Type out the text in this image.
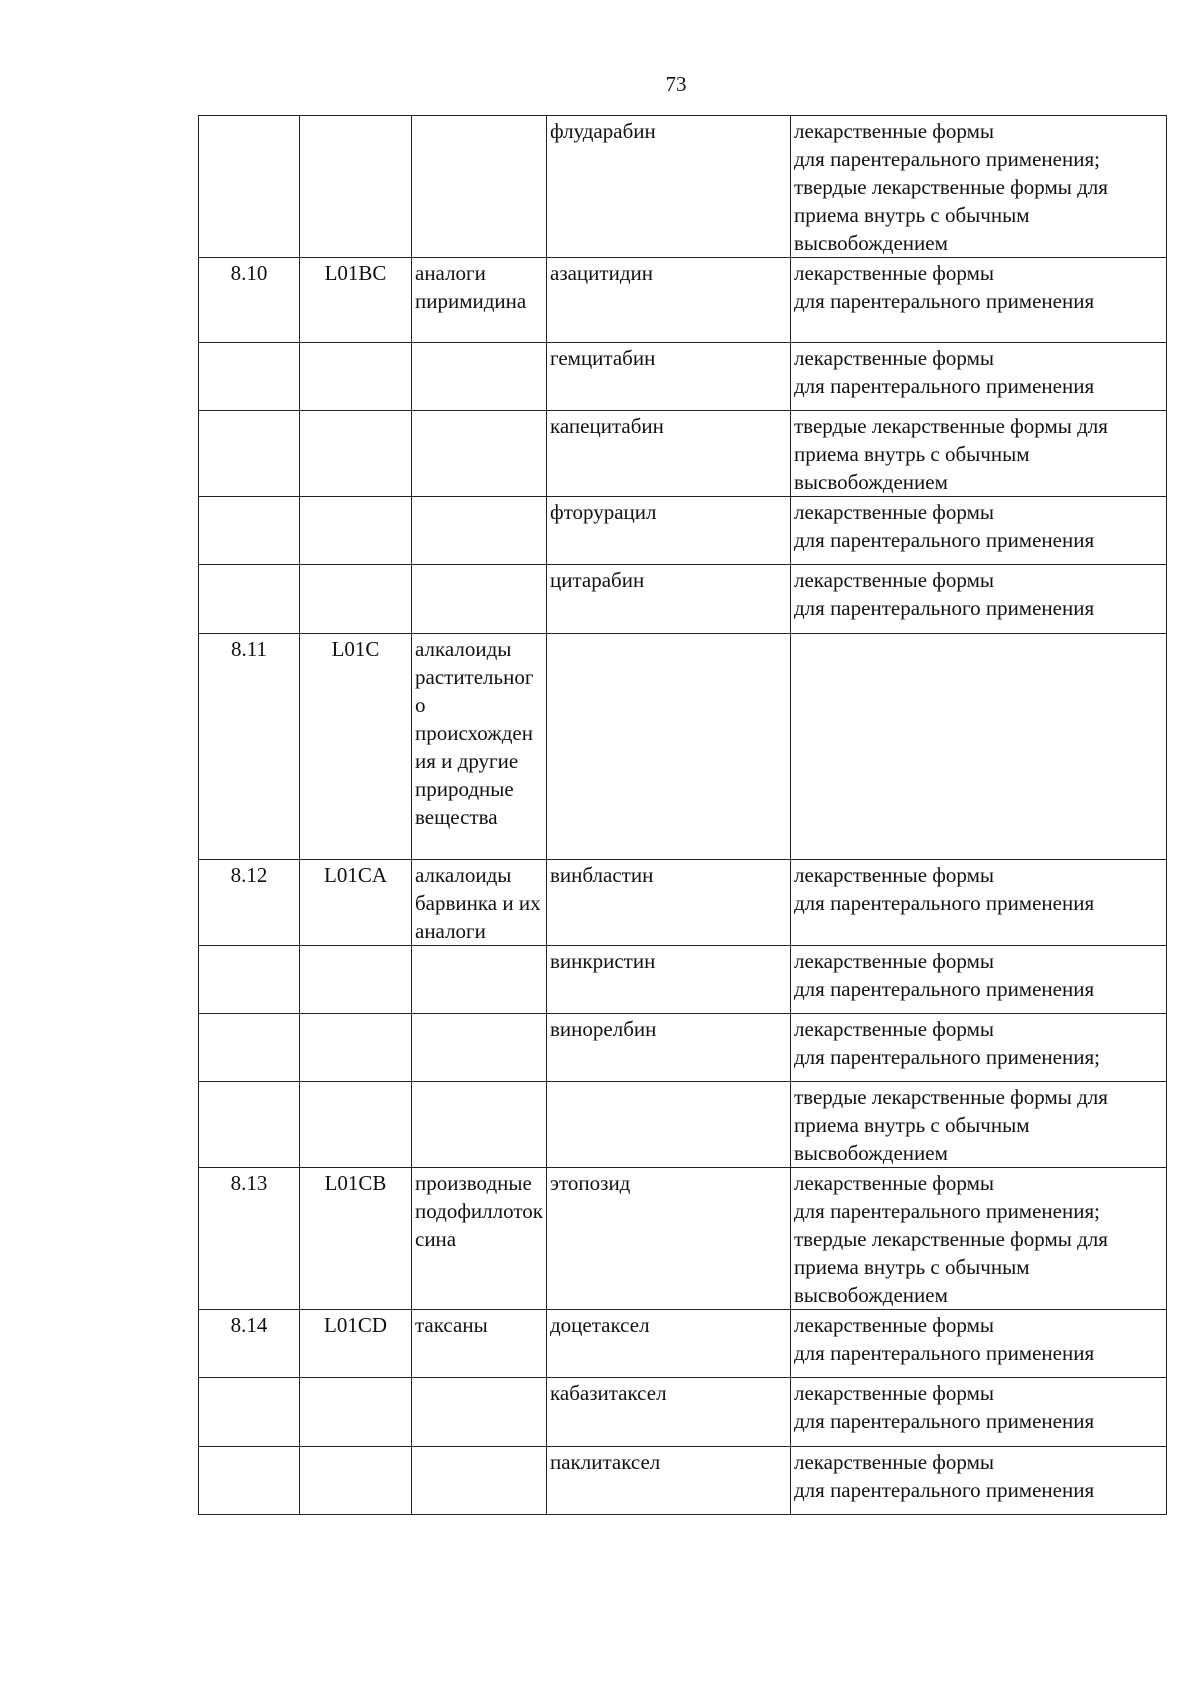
73
			флударабин	лекарственные формы
для парентерального применения;
твердые лекарственные формы для
приема внутрь с обычным
высвобождением

8.10	L01BC	аналоги пиримидина	азацитидин	лекарственные формы
для парентерального применения

			гемцитабин	лекарственные формы
для парентерального применения

			капецитабин	твердые лекарственные формы для
приема внутрь с обычным
высвобождением

			фторурацил	лекарственные формы
для парентерального применения

			цитарабин	лекарственные формы
для парентерального применения

8.11	L01C	алкалоиды растительного происхождения и другие природные вещества		
8.12	L01CA	алкалоиды барвинка и их аналоги	винбластин	лекарственные формы
для парентерального применения

			винкристин	лекарственные формы
для парентерального применения

			винорелбин	лекарственные формы
для парентерального применения;

				твердые лекарственные формы для
приема внутрь с обычным
высвобождением

8.13	L01CB	производные подофиллотоксина	этопозид	лекарственные формы
для парентерального применения;
твердые лекарственные формы для
приема внутрь с обычным
высвобождением

8.14	L01CD	таксаны	доцетаксел	лекарственные формы
для парентерального применения

			кабазитаксел	лекарственные формы
для парентерального применения

			паклитаксел	лекарственные формы
для парентерального применения
